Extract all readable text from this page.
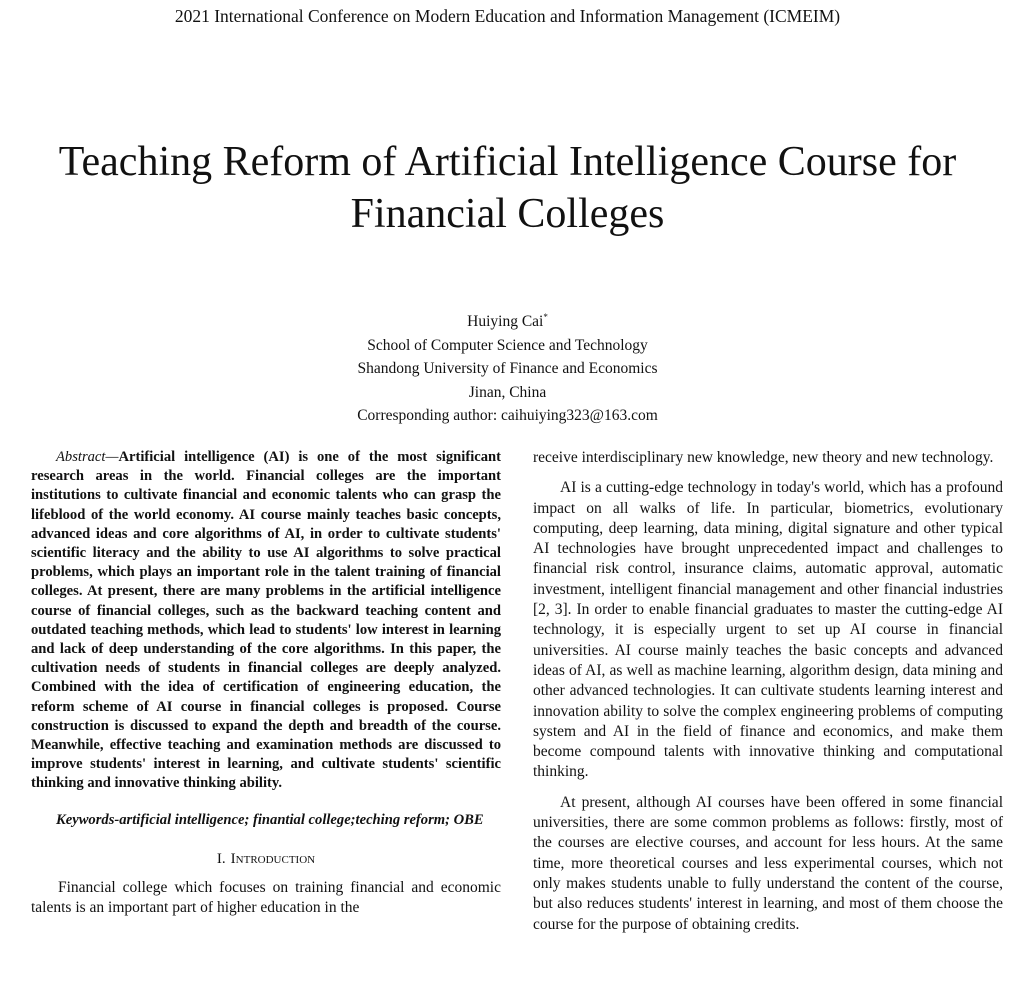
2021 International Conference on Modern Education and Information Management (ICMEIM)
Teaching Reform of Artificial Intelligence Course for Financial Colleges
Huiying Cai*
School of Computer Science and Technology
Shandong University of Finance and Economics
Jinan, China
Corresponding author: caihuiying323@163.com

Abstract—Artificial intelligence (AI) is one of the most significant research areas in the world. Financial colleges are the important institutions to cultivate financial and economic talents who can grasp the lifeblood of the world economy. AI course mainly teaches basic concepts, advanced ideas and core algorithms of AI, in order to cultivate students' scientific literacy and the ability to use AI algorithms to solve practical problems, which plays an important role in the talent training of financial colleges. At present, there are many problems in the artificial intelligence course of financial colleges, such as the backward teaching content and outdated teaching methods, which lead to students' low interest in learning and lack of deep understanding of the core algorithms. In this paper, the cultivation needs of students in financial colleges are deeply analyzed. Combined with the idea of certification of engineering education, the reform scheme of AI course in financial colleges is proposed. Course construction is discussed to expand the depth and breadth of the course. Meanwhile, effective teaching and examination methods are discussed to improve students' interest in learning, and cultivate students' scientific thinking and innovative thinking ability.

Keywords-artificial intelligence; finantial college;teching reform; OBE

I. Introduction

Financial college which focuses on training financial and economic talents is an important part of higher education in the

receive interdisciplinary new knowledge, new theory and new technology.

AI is a cutting-edge technology in today's world, which has a profound impact on all walks of life. In particular, biometrics, evolutionary computing, deep learning, data mining, digital signature and other typical AI technologies have brought unprecedented impact and challenges to financial risk control, insurance claims, automatic approval, automatic investment, intelligent financial management and other financial industries [2, 3]. In order to enable financial graduates to master the cutting-edge AI technology, it is especially urgent to set up AI course in financial universities. AI course mainly teaches the basic concepts and advanced ideas of AI, as well as machine learning, algorithm design, data mining and other advanced technologies. It can cultivate students learning interest and innovation ability to solve the complex engineering problems of computing system and AI in the field of finance and economics, and make them become compound talents with innovative thinking and computational thinking.

At present, although AI courses have been offered in some financial universities, there are some common problems as follows: firstly, most of the courses are elective courses, and account for less hours. At the same time, more theoretical courses and less experimental courses, which not only makes students unable to fully understand the content of the course, but also reduces students' interest in learning, and most of them choose the course for the purpose of obtaining credits.
